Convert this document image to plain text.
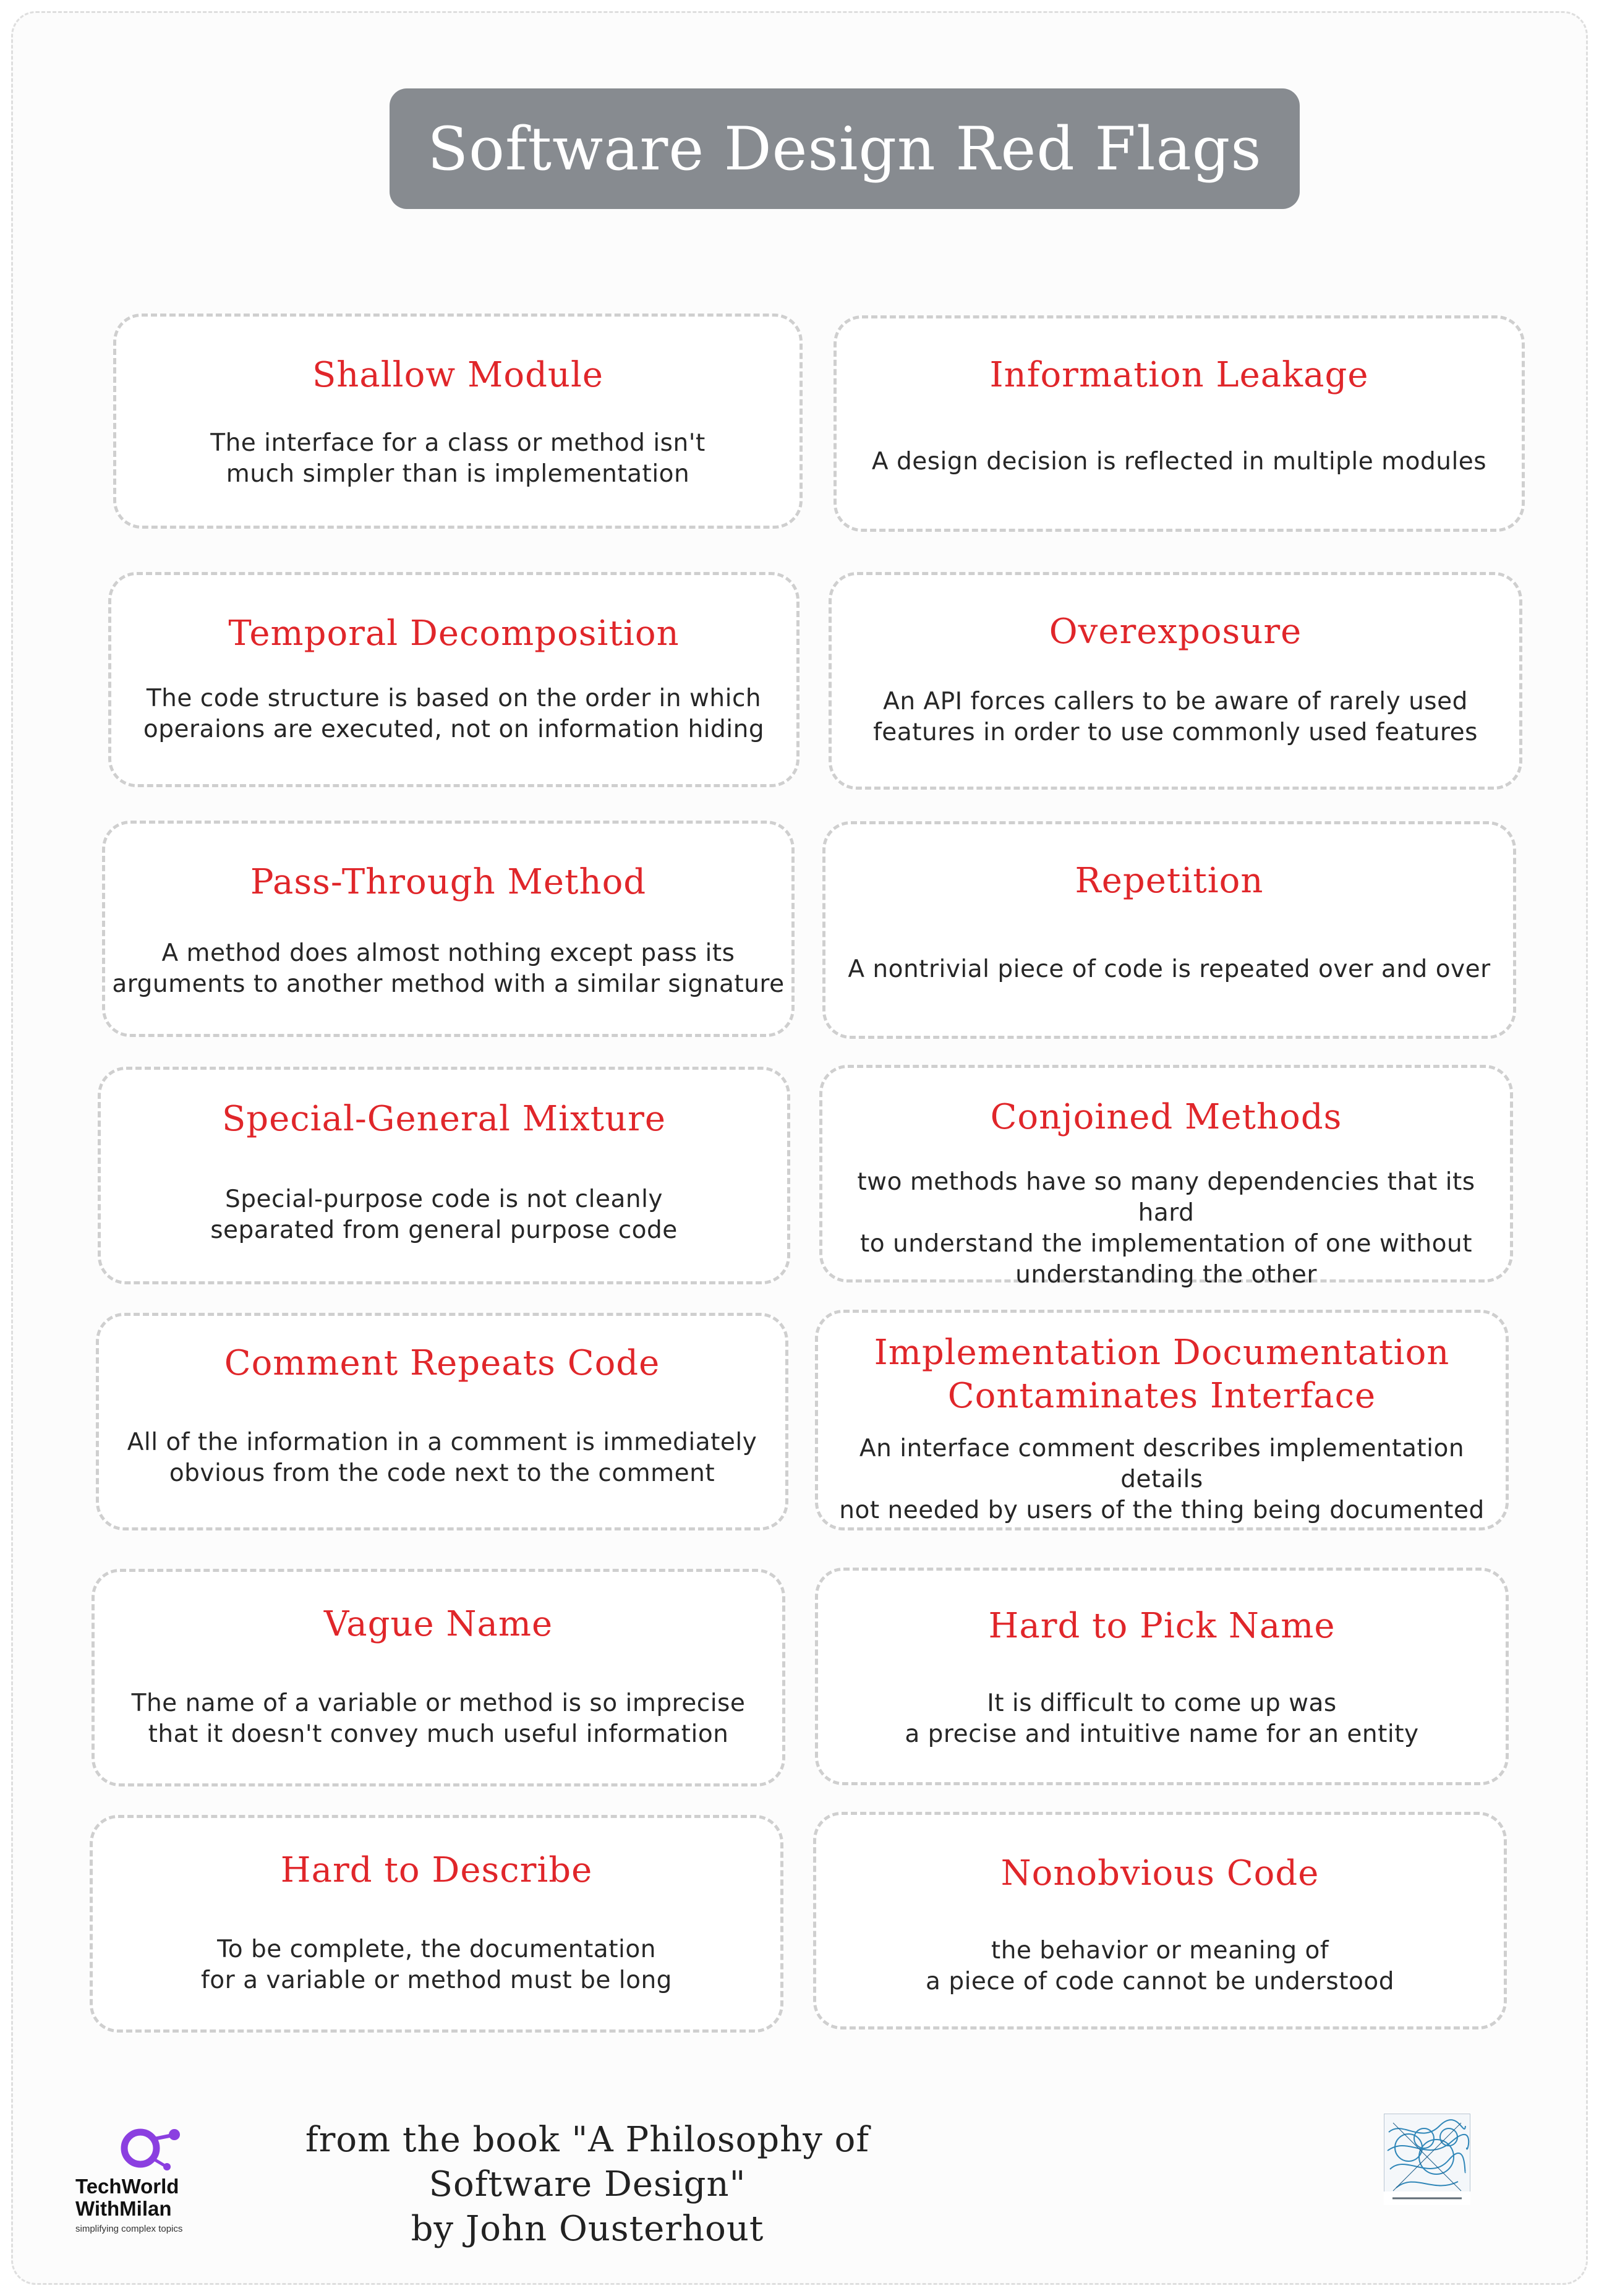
Software Design Red Flags
Shallow Module
The interface for a class or method isn't
much simpler than is implementation
Temporal Decomposition
The code structure is based on the order in which
operaions are executed, not on information hiding
Pass-Through Method
A method does almost nothing except pass its
arguments to another method with a similar signature
Special-General Mixture
Special-purpose code is not cleanly
separated from general purpose code
Comment Repeats Code
All of the information in a comment is immediately
obvious from the code next to the comment
Vague Name
The name of a variable or method is so imprecise
that it doesn't convey much useful information
Hard to Describe
To be complete, the documentation
for a variable or method must be long
Information Leakage
A design decision is reflected in multiple modules
Overexposure
An API forces callers to be aware of rarely used
features in order to use commonly used features
Repetition
A nontrivial piece of code is repeated over and over
Conjoined Methods
two methods have so many dependencies that its hard
to understand the implementation of one without
understanding the other
Implementation Documentation
Contaminates Interface
An interface comment describes implementation details
not needed by users of the thing being documented
Hard to Pick Name
It is difficult to come up was
a precise and intuitive name for an entity
Nonobvious Code
the behavior or meaning of
a piece of code cannot be understood
TechWorld
WithMilan
simplifying complex topics
from the book "A Philosophy of Software Design"
by John Ousterhout
